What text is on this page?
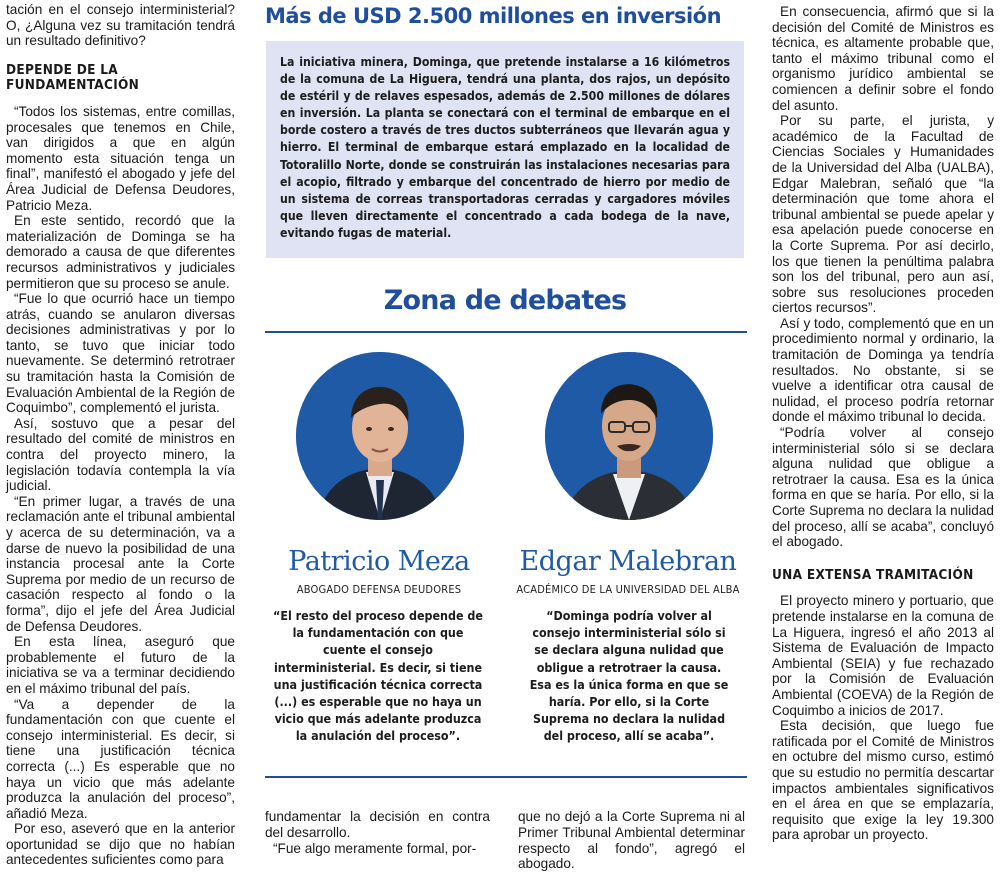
tación en el consejo interministerial? O, ¿Alguna vez su tramitación tendrá un resultado definitivo?

DEPENDE DE LA FUNDAMENTACIÓN

“Todos los sistemas, entre comillas, procesales que tenemos en Chile, van dirigidos a que en algún momento esta situación tenga un final”, manifestó el abogado y jefe del Área Judicial de Defensa Deudores, Patricio Meza.

En este sentido, recordó que la materialización de Dominga se ha demorado a causa de que diferentes recursos administrativos y judiciales permitieron que su proceso se anule.

“Fue lo que ocurrió hace un tiempo atrás, cuando se anularon diversas decisiones administrativas y por lo tanto, se tuvo que iniciar todo nuevamente. Se determinó retrotraer su tramitación hasta la Comisión de Evaluación Ambiental de la Región de Coquimbo”, complementó el jurista.

Así, sostuvo que a pesar del resultado del comité de ministros en contra del proyecto minero, la legislación todavía contempla la vía judicial.

“En primer lugar, a través de una reclamación ante el tribunal ambiental y acerca de su determinación, va a darse de nuevo la posibilidad de una instancia procesal ante la Corte Suprema por medio de un recurso de casación respecto al fondo o la forma”, dijo el jefe del Área Judicial de Defensa Deudores.

En esta línea, aseguró que probablemente el futuro de la iniciativa se va a terminar decidiendo en el máximo tribunal del país.

“Va a depender de la fundamentación con que cuente el consejo interministerial. Es decir, si tiene una justificación técnica correcta (...) Es esperable que no haya un vicio que más adelante produzca la anulación del proceso”, añadió Meza.

Por eso, aseveró que en la anterior oportunidad se dijo que no habían antecedentes suficientes como para

Más de USD 2.500 millones en inversión

La iniciativa minera, Dominga, que pretende instalarse a 16 kilómetros de la comuna de La Higuera, tendrá una planta, dos rajos, un depósito de estéril y de relaves espesados, además de 2.500 millones de dólares en inversión. La planta se conectará con el terminal de embarque en el borde costero a través de tres ductos subterráneos que llevarán agua y hierro. El terminal de embarque estará emplazado en la localidad de Totoralillo Norte, donde se construirán las instalaciones necesarias para el acopio, filtrado y embarque del concentrado de hierro por medio de un sistema de correas transportadoras cerradas y cargadores móviles que lleven directamente el concentrado a cada bodega de la nave, evitando fugas de material.

Zona de debates
Patricio Meza
ABOGADO DEFENSA DEUDORES
“El resto del proceso depende de la fundamentación con que cuente el consejo interministerial. Es decir, si tiene una justificación técnica correcta (...) es esperable que no haya un vicio que más adelante produzca la anulación del proceso”.
Edgar Malebran
ACADÉMICO DE LA UNIVERSIDAD DEL ALBA
“Dominga podría volver al consejo interministerial sólo si se declara alguna nulidad que obligue a retrotraer la causa. Esa es la única forma en que se haría. Por ello, si la Corte Suprema no declara la nulidad del proceso, allí se acaba”.

fundamentar la decisión en contra del desarrollo.

“Fue algo meramente formal, por-

que no dejó a la Corte Suprema ni al Primer Tribunal Ambiental determinar respecto al fondo”, agregó el abogado.

En consecuencia, afirmó que si la decisión del Comité de Ministros es técnica, es altamente probable que, tanto el máximo tribunal como el organismo jurídico ambiental se comiencen a definir sobre el fondo del asunto.

Por su parte, el jurista, y académico de la Facultad de Ciencias Sociales y Humanidades de la Universidad del Alba (UALBA), Edgar Malebran, señaló que “la determinación que tome ahora el tribunal ambiental se puede apelar y esa apelación puede conocerse en la Corte Suprema. Por así decirlo, los que tienen la penúltima palabra son los del tribunal, pero aun así, sobre sus resoluciones proceden ciertos recursos”.

Así y todo, complementó que en un procedimiento normal y ordinario, la tramitación de Dominga ya tendría resultados. No obstante, si se vuelve a identificar otra causal de nulidad, el proceso podría retornar donde el máximo tribunal lo decida.

“Podría volver al consejo interministerial sólo si se declara alguna nulidad que obligue a retrotraer la causa. Esa es la única forma en que se haría. Por ello, si la Corte Suprema no declara la nulidad del proceso, allí se acaba”, concluyó el abogado.

UNA EXTENSA TRAMITACIÓN

El proyecto minero y portuario, que pretende instalarse en la comuna de La Higuera, ingresó el año 2013 al Sistema de Evaluación de Impacto Ambiental (SEIA) y fue rechazado por la Comisión de Evaluación Ambiental (COEVA) de la Región de Coquimbo a inicios de 2017.

Esta decisión, que luego fue ratificada por el Comité de Ministros en octubre del mismo curso, estimó que su estudio no permitía descartar impactos ambientales significativos en el área en que se emplazaría, requisito que exige la ley 19.300 para aprobar un proyecto.
